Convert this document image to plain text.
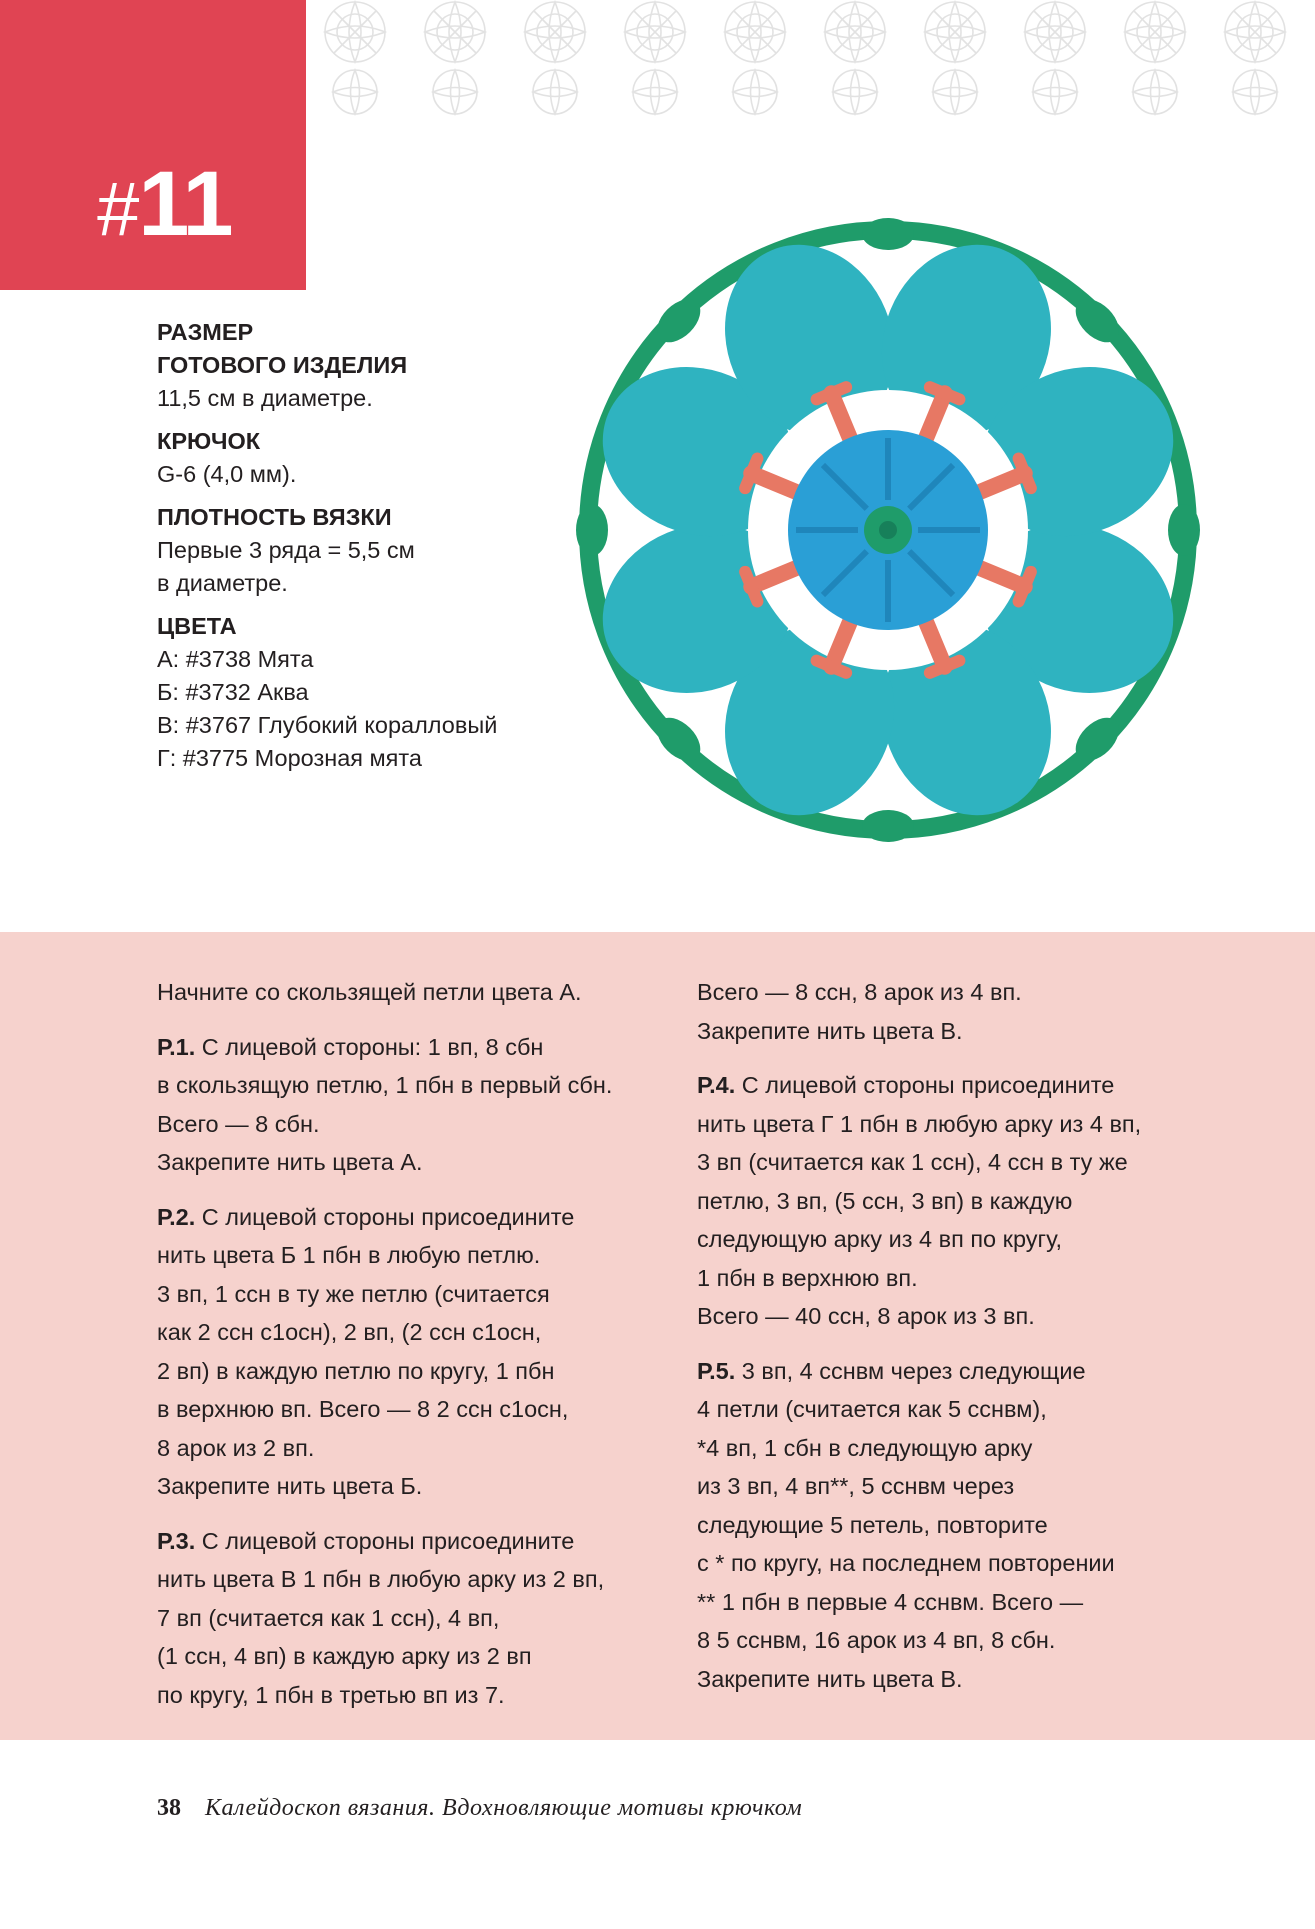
#11
РАЗМЕР
ГОТОВОГО ИЗДЕЛИЯ
11,5 см в диаметре.
КРЮЧОК
G-6 (4,0 мм).
ПЛОТНОСТЬ ВЯЗКИ
Первые 3 ряда = 5,5 см
в диаметре.
ЦВЕТА
А: #3738 Мята
Б: #3732 Аква
В: #3767 Глубокий коралловый
Г: #3775 Морозная мята
Начните со скользящей петли цвета А.
Р.1. С лицевой стороны: 1 вп, 8 сбн
в скользящую петлю, 1 пбн в первый сбн.
Всего — 8 сбн.
Закрепите нить цвета А.
Р.2. С лицевой стороны присоедините
нить цвета Б 1 пбн в любую петлю.
3 вп, 1 ссн в ту же петлю (считается
как 2 ссн с1осн), 2 вп, (2 ссн с1осн,
2 вп) в каждую петлю по кругу, 1 пбн
в верхнюю вп. Всего — 8 2 ссн с1осн,
8 арок из 2 вп.
Закрепите нить цвета Б.
Р.3. С лицевой стороны присоедините
нить цвета В 1 пбн в любую арку из 2 вп,
7 вп (считается как 1 ссн), 4 вп,
(1 ссн, 4 вп) в каждую арку из 2 вп
по кругу, 1 пбн в третью вп из 7.
Всего — 8 ссн, 8 арок из 4 вп.
Закрепите нить цвета В.
Р.4. С лицевой стороны присоедините
нить цвета Г 1 пбн в любую арку из 4 вп,
3 вп (считается как 1 ссн), 4 ссн в ту же
петлю, 3 вп, (5 ссн, 3 вп) в каждую
следующую арку из 4 вп по кругу,
1 пбн в верхнюю вп.
Всего — 40 ссн, 8 арок из 3 вп.
Р.5. 3 вп, 4 сснвм через следующие
4 петли (считается как 5 сснвм),
*4 вп, 1 сбн в следующую арку
из 3 вп, 4 вп**, 5 сснвм через
следующие 5 петель, повторите
с * по кругу, на последнем повторении
** 1 пбн в первые 4 сснвм. Всего —
8 5 сснвм, 16 арок из 4 вп, 8 сбн.
Закрепите нить цвета В.
38 Калейдоскоп вязания. Вдохновляющие мотивы крючком
